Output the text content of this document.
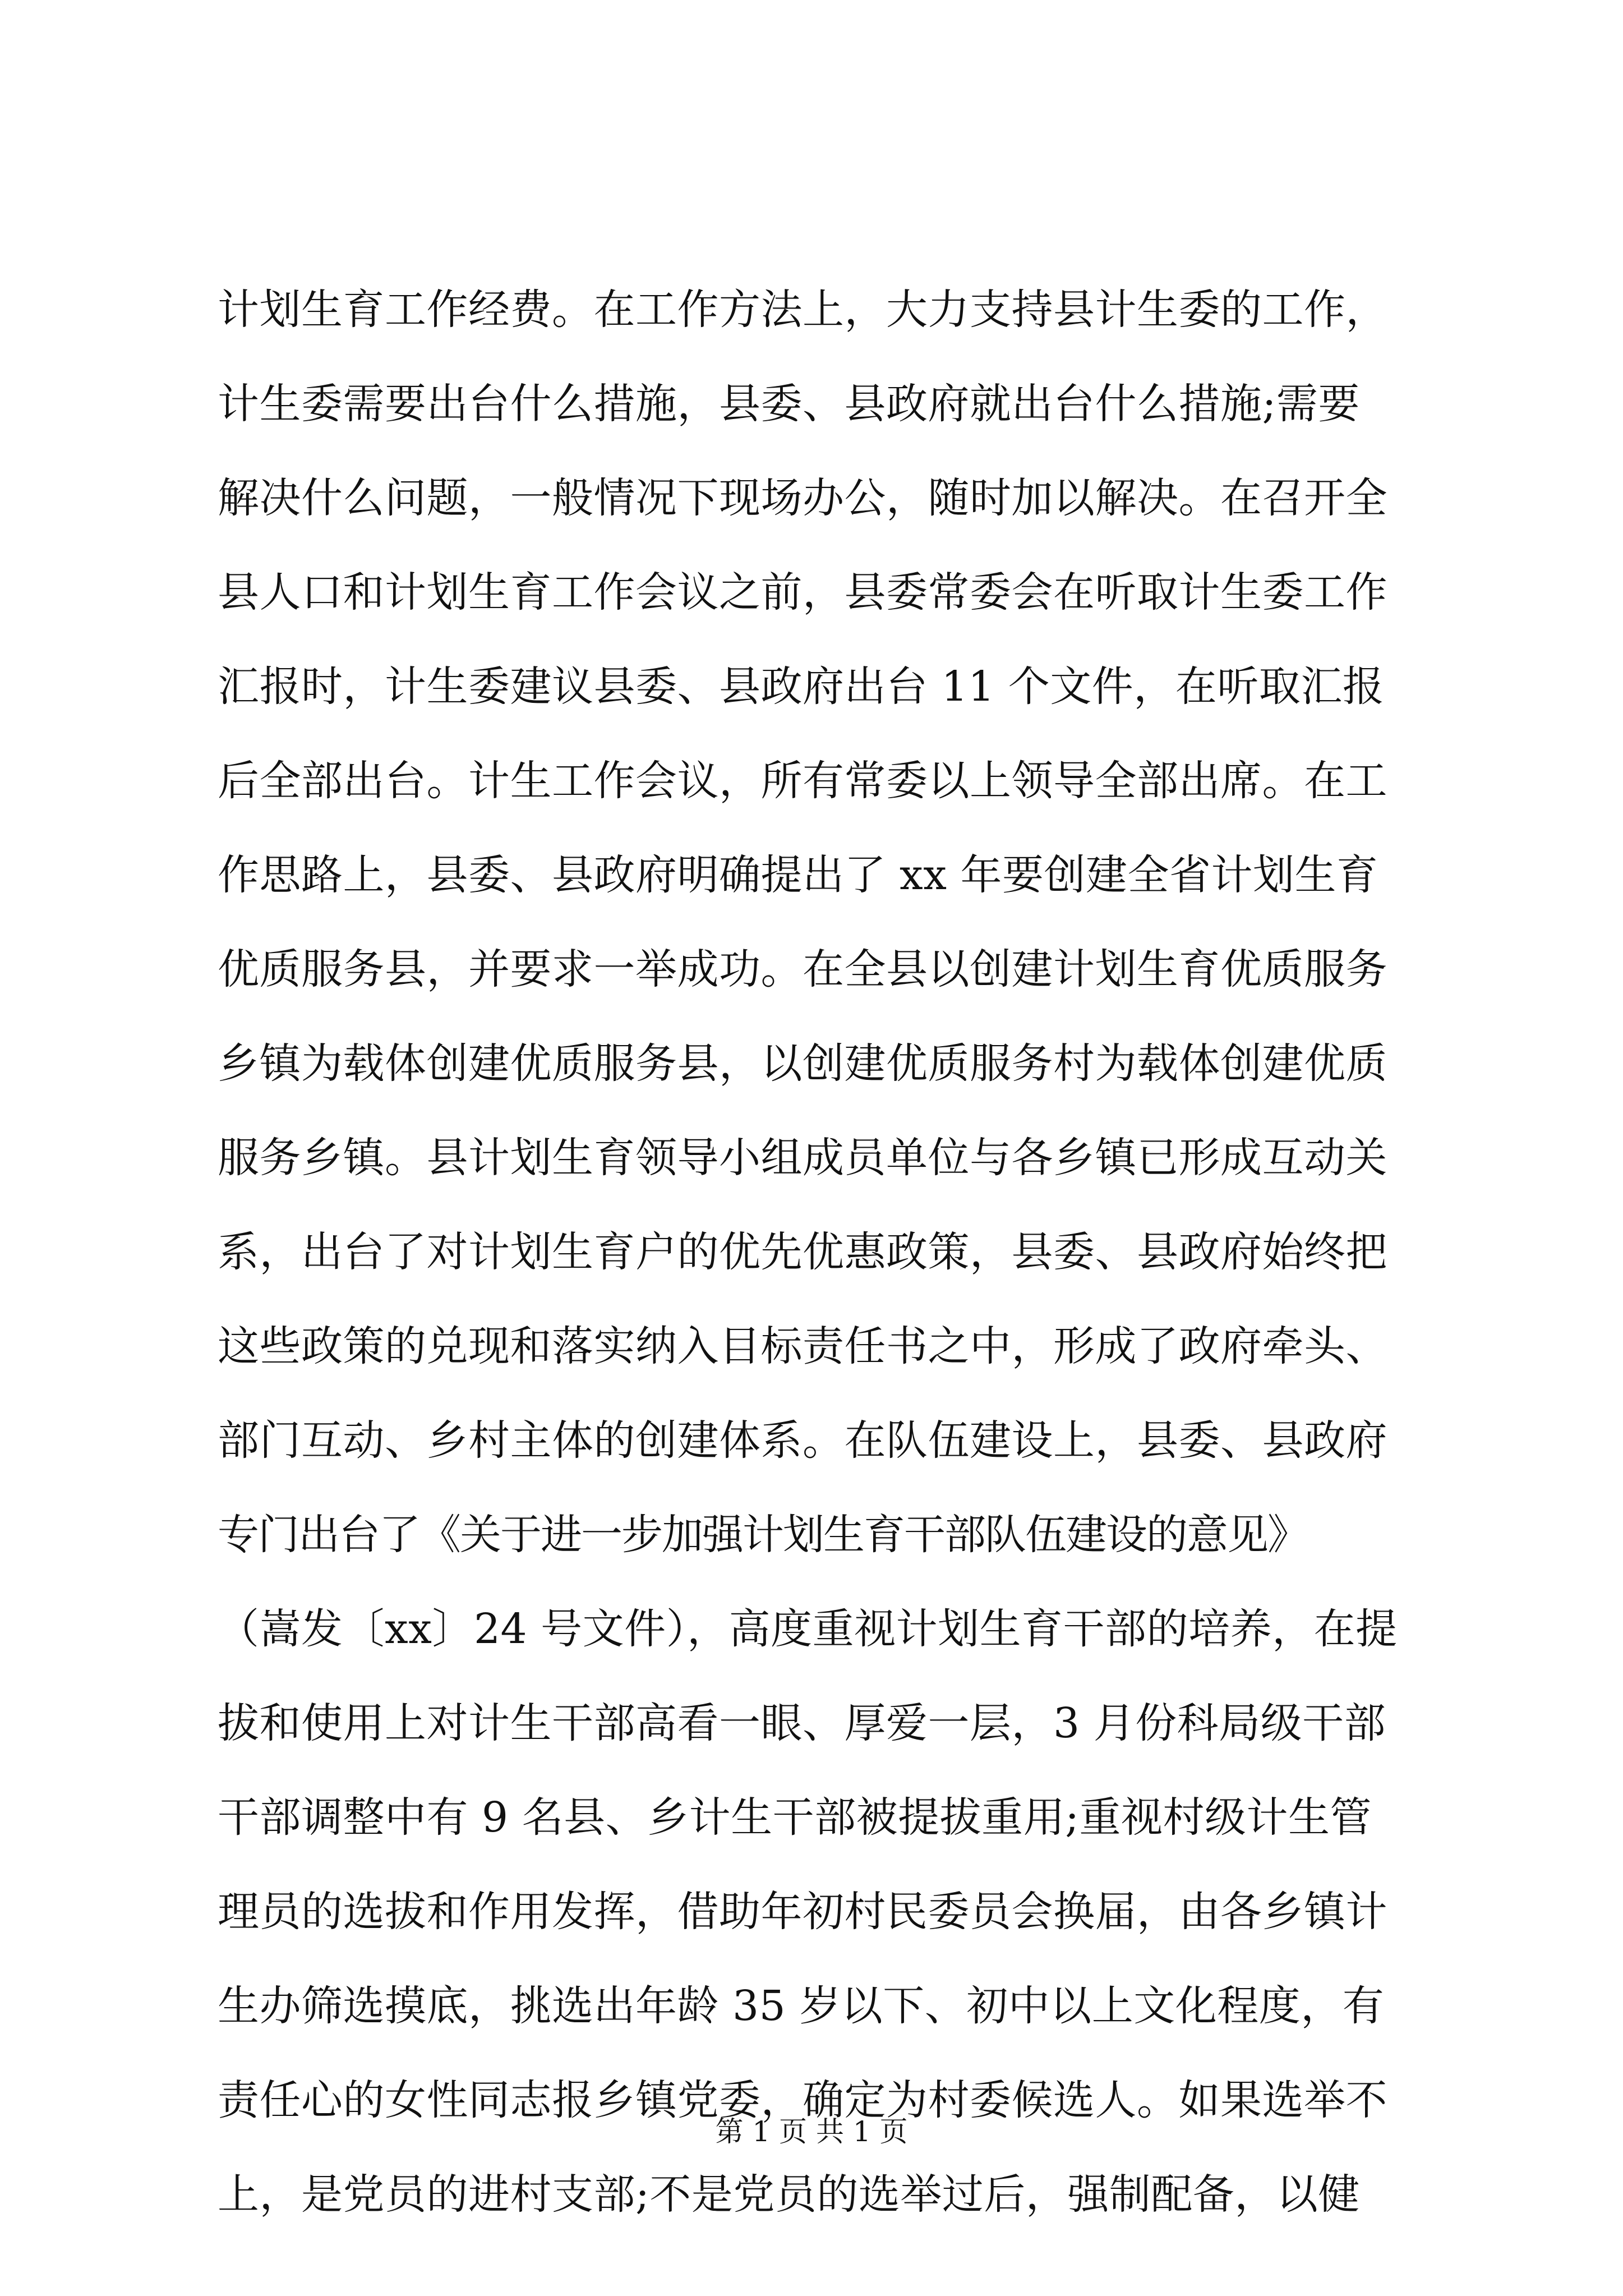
计划生育工作经费。在工作方法上，大力支持县计生委的工作，
计生委需要出台什么措施，县委、县政府就出台什么措施;需要
解决什么问题，一般情况下现场办公，随时加以解决。在召开全
县人口和计划生育工作会议之前，县委常委会在听取计生委工作
汇报时，计生委建议县委、县政府出台 11 个文件，在听取汇报
后全部出台。计生工作会议，所有常委以上领导全部出席。在工
作思路上，县委、县政府明确提出了 xx 年要创建全省计划生育
优质服务县，并要求一举成功。在全县以创建计划生育优质服务
乡镇为载体创建优质服务县，以创建优质服务村为载体创建优质
服务乡镇。县计划生育领导小组成员单位与各乡镇已形成互动关
系，出台了对计划生育户的优先优惠政策，县委、县政府始终把
这些政策的兑现和落实纳入目标责任书之中，形成了政府牵头、
部门互动、乡村主体的创建体系。在队伍建设上，县委、县政府
专门出台了《关于进一步加强计划生育干部队伍建设的意见》
（嵩发〔xx〕24 号文件），高度重视计划生育干部的培养，在提
拔和使用上对计生干部高看一眼、厚爱一层，3 月份科局级干部
干部调整中有 9 名县、乡计生干部被提拔重用;重视村级计生管
理员的选拔和作用发挥，借助年初村民委员会换届，由各乡镇计
生办筛选摸底，挑选出年龄 35 岁以下、初中以上文化程度，有
责任心的女性同志报乡镇党委，确定为村委候选人。如果选举不
上，是党员的进村支部;不是党员的选举过后，强制配备，以健
第 1 页 共 1 页
